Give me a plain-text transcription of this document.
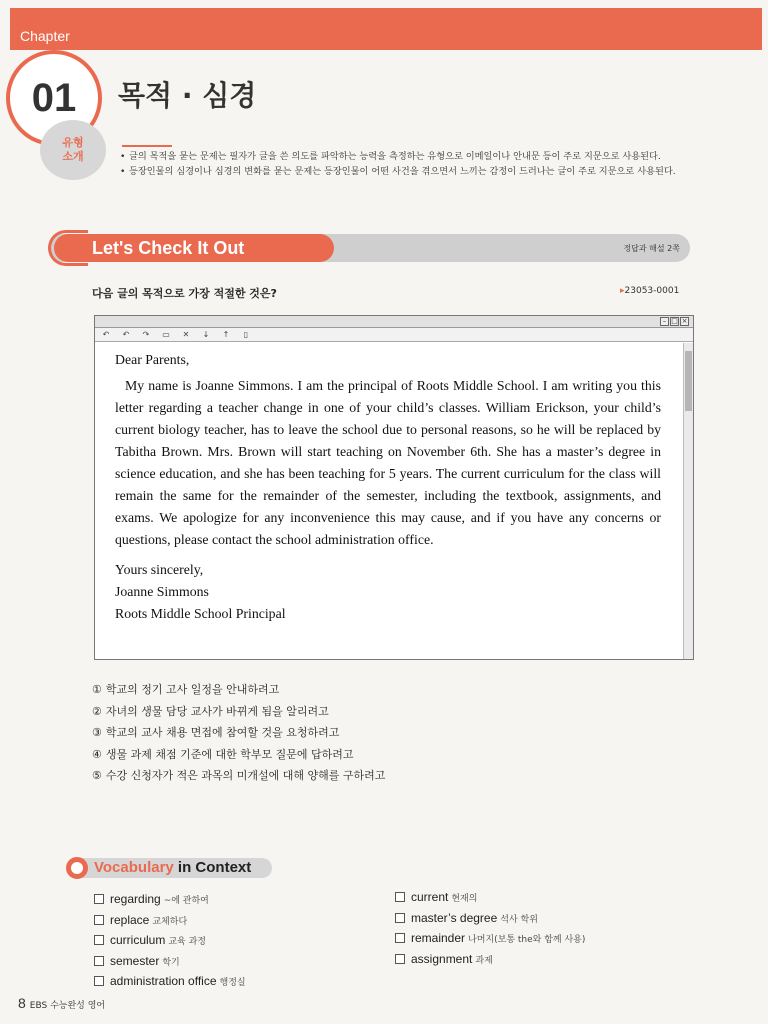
Chapter
01 목적 · 심경
유형
소개
•	글의 목적을 묻는 문제는 필자가 글을 쓴 의도를 파악하는 능력을 측정하는 유형으로 이메일이나 안내문 등이 주로 지문으로 사용된다.
• 등장인물의 심경이나 심경의 변화를 묻는 문제는 등장인물이 어떤 사건을 겪으면서 느끼는 감정이 드러나는 글이 주로 지문으로 사용된다.
Let's Check It Out	정답과 해설 2쪽
다음 글의 목적으로 가장 적절한 것은?	▸23053-0001
– □ ×
↶ ↶ ↷ ▭ ✕ ↓ ↑	▯

Dear Parents,

My name is Joanne Simmons. I am the principal of Roots Middle School. I am writing you this letter regarding a teacher change in one of your child’s classes. William Erickson, your child’s current biology teacher, has to leave the school due to personal reasons, so he will be replaced by Tabitha Brown. Mrs. Brown will start teaching on November 6th. She has a master’s degree in science education, and she has been teaching for 5 years. The current curriculum for the class will remain the same for the remainder of the semester, including the textbook, assignments, and exams. We apologize for any inconvenience this may cause, and if you have any concerns or questions, please contact the school administration office.

Yours sincerely,
Joanne Simmons
Roots Middle School Principal
① 학교의 정기 고사 일정을 안내하려고
② 자녀의 생물 담당 교사가 바뀌게 됨을 알리려고
③ 학교의 교사 채용 면접에 참여할 것을 요청하려고
④ 생물 과제 채점 기준에 대한 학부모 질문에 답하려고
⑤ 수강 신청자가 적은 과목의 미개설에 대해 양해를 구하려고
Vocabulary in Context
regarding ~에 관하여
replace 교체하다
curriculum 교육 과정
semester 학기
administration office 행정실
current 현재의
master’s degree 석사 학위
remainder 나머지(보통 the와 함께 사용)
assignment 과제
8 EBS 수능완성 영어
